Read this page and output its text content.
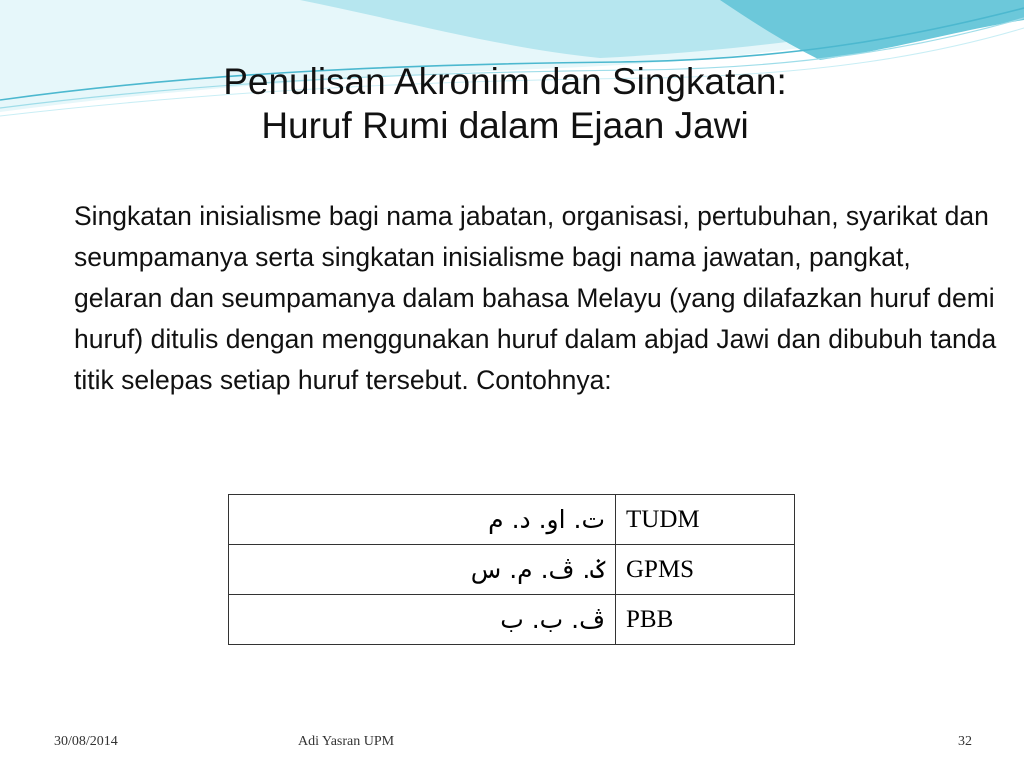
Penulisan Akronim dan Singkatan:
Huruf Rumi dalam Ejaan Jawi
Singkatan inisialisme bagi nama jabatan, organisasi, pertubuhan, syarikat dan seumpamanya serta singkatan inisialisme bagi nama jawatan, pangkat, gelaran dan seumpamanya dalam bahasa Melayu (yang dilafazkan huruf demi huruf) ditulis dengan menggunakan huruf dalam abjad Jawi dan dibubuh tanda titik selepas setiap huruf tersebut. Contohnya:
ت. او. د. م	TUDM
ݢ. ڤ. م. س	GPMS
ڤ. ب. ب	PBB
30/08/2014	Adi Yasran UPM	32
